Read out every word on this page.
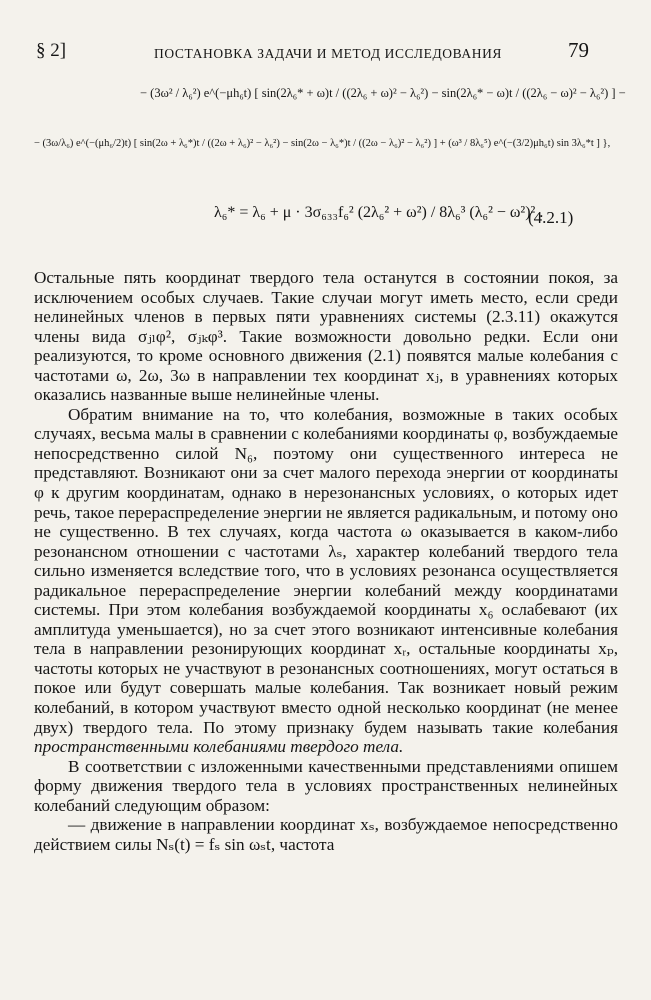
§ 2]	ПОСТАНОВКА ЗАДАЧИ И МЕТОД ИССЛЕДОВАНИЯ	79
− (3ω² / λ₆²) e^(−μh₆t) [ sin(2λ₆* + ω)t / ((2λ₆ + ω)² − λ₆²) − sin(2λ₆* − ω)t / ((2λ₆ − ω)² − λ₆²) ] −
− (3ω/λ₆) e^(−(μh₆/2)t) [ sin(2ω + λ₆*)t / ((2ω + λ₆)² − λ₆²) − sin(2ω − λ₆*)t / ((2ω − λ₆)² − λ₆²) ] + (ω³ / 8λ₆⁵) e^(−(3/2)μh₆t) sin 3λ₆*t ] },
λ₆* = λ₆ + μ · 3σ₆₃₃f₆² (2λ₆² + ω²) / 8λ₆³ (λ₆² − ω²)² .
(4.2.1)

Остальные пять координат твердого тела останутся в состоянии покоя, за исключением особых случаев. Такие случаи могут иметь место, если среди нелинейных членов в первых пяти уравнениях системы (2.3.11) окажутся члены вида σⱼₗφ², σⱼₖφ³. Такие возможности довольно редки. Если они реализуются, то кроме основного движения (2.1) появятся малые колебания с частотами ω, 2ω, 3ω в направлении тех координат xⱼ, в уравнениях которых оказались названные выше нелинейные члены.

Обратим внимание на то, что колебания, возможные в таких особых случаях, весьма малы в сравнении с колебаниями координаты φ, возбуждаемые непосредственно силой N₆, поэтому они существенного интереса не представляют. Возникают они за счет малого перехода энергии от координаты φ к другим координатам, однако в нерезонансных условиях, о которых идет речь, такое перераспределение энергии не является радикальным, и потому оно не существенно. В тех случаях, когда частота ω оказывается в каком-либо резонансном отношении с частотами λₛ, характер колебаний твердого тела сильно изменяется вследствие того, что в условиях резонанса осуществляется радикальное перераспределение энергии колебаний между координатами системы. При этом колебания возбуждаемой координаты x₆ ослабевают (их амплитуда уменьшается), но за счет этого возникают интенсивные колебания тела в направлении резонирующих координат xᵣ, остальные координаты xₚ, частоты которых не участвуют в резонансных соотношениях, могут остаться в покое или будут совершать малые колебания. Так возникает новый режим колебаний, в котором участвуют вместо одной несколько координат (не менее двух) твердого тела. По этому признаку будем называть такие колебания пространственными колебаниями твердого тела.

В соответствии с изложенными качественными представлениями опишем форму движения твердого тела в условиях пространственных нелинейных колебаний следующим образом:

— движение в направлении координат xₛ, возбуждаемое непосредственно действием силы Nₛ(t) = fₛ sin ωₛt, частота
